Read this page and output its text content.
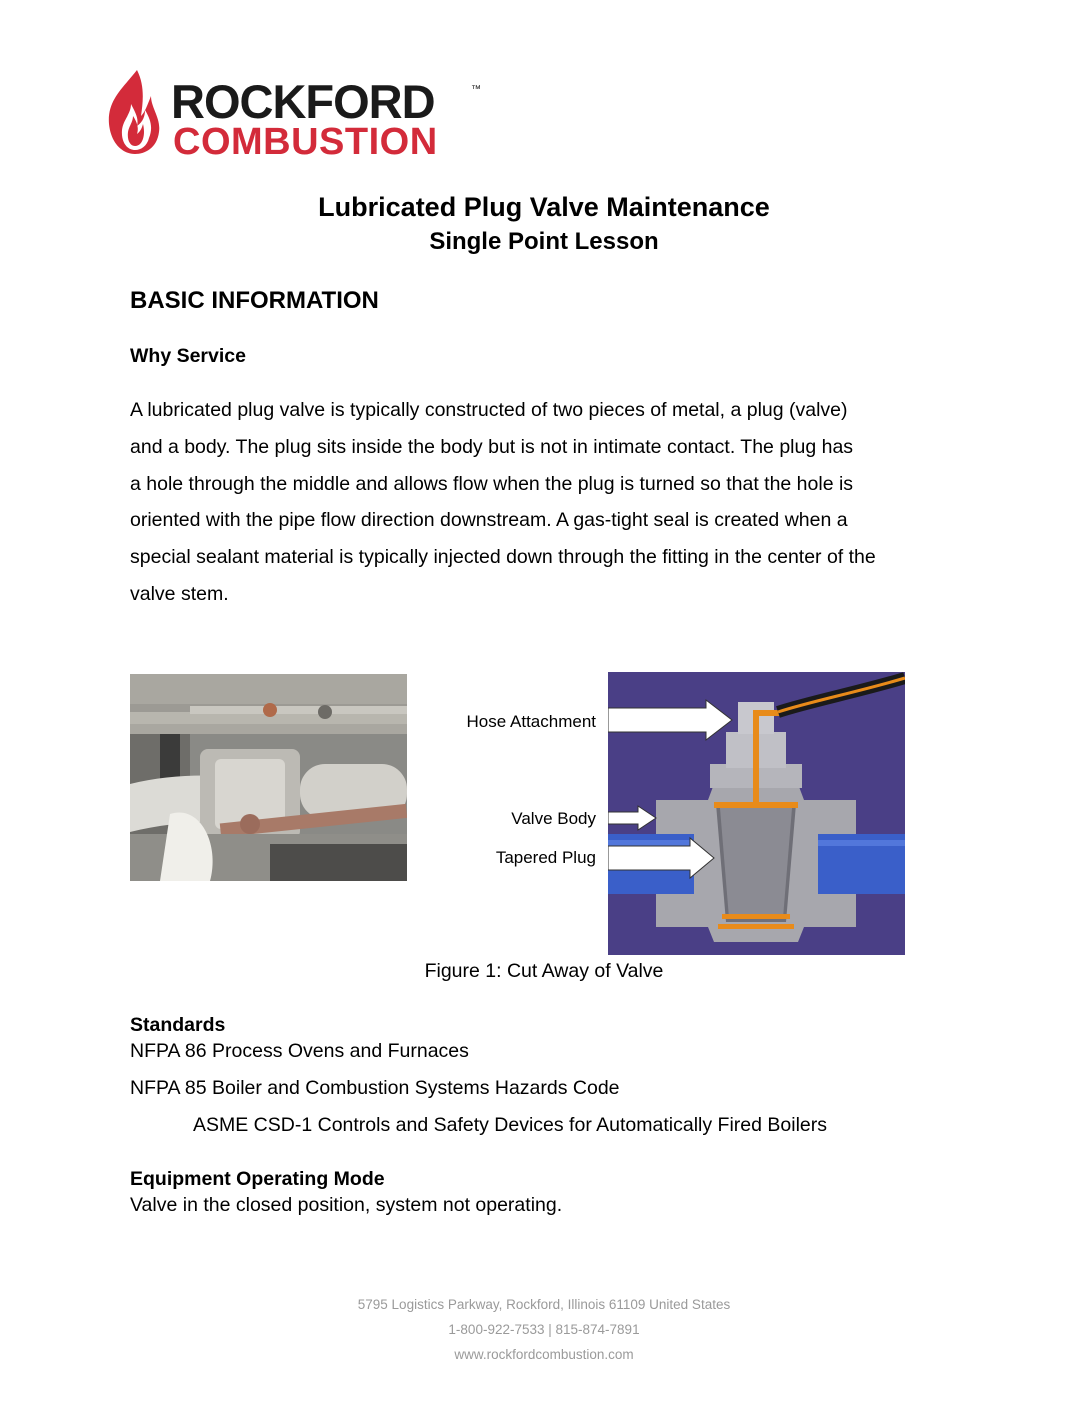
ROCKFORD	™
COMBUSTION
Lubricated Plug Valve Maintenance
Single Point Lesson
BASIC INFORMATION
Why Service
A lubricated plug valve is typically constructed of two pieces of metal, a plug (valve)
and a body. The plug sits inside the body but is not in intimate contact. The plug has
a hole through the middle and allows flow when the plug is turned so that the hole is
oriented with the pipe flow direction downstream. A gas-tight seal is created when a
special sealant material is typically injected down through the fitting in the center of the
valve stem.
Hose Attachment
Valve Body
Tapered Plug
Figure 1: Cut Away of Valve
Standards
NFPA 86 Process Ovens and Furnaces
NFPA 85 Boiler and Combustion Systems Hazards Code
ASME CSD-1 Controls and Safety Devices for Automatically Fired Boilers
Equipment Operating Mode
Valve in the closed position, system not operating.
5795 Logistics Parkway, Rockford, Illinois 61109 United States
1-800-922-7533 | 815-874-7891
www.rockfordcombustion.com
